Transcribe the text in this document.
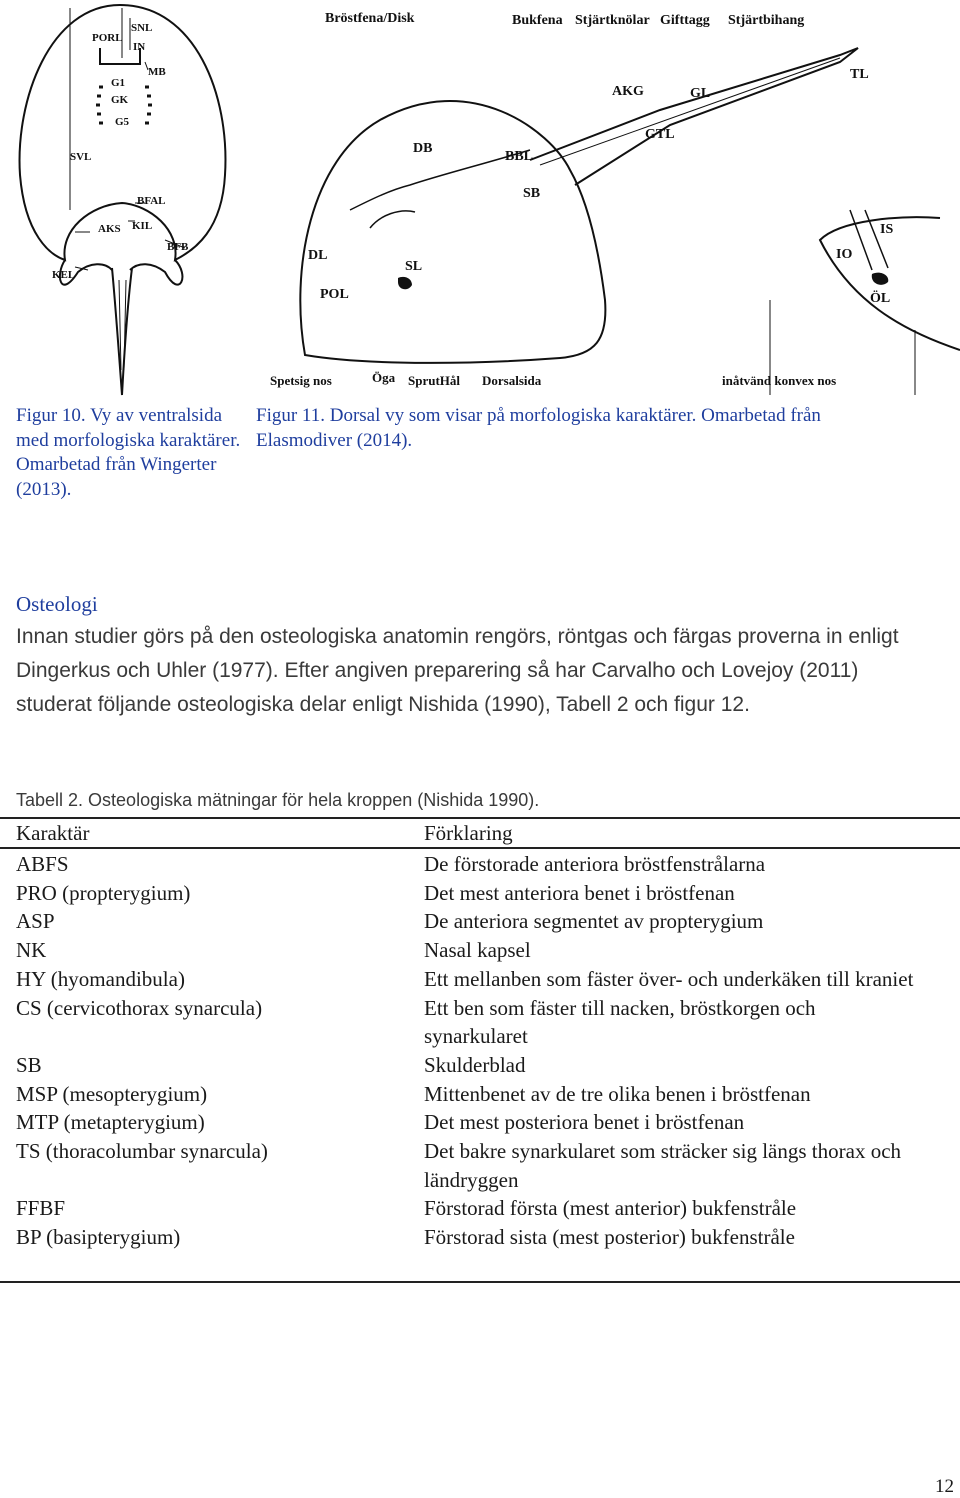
SNL
PORL
IN
MB
G1
GK
G5
SVL
BFAL
AKS KIL
BFB
KEL
Bröstfena/Disk	Bukfena Stjärtknölar Gifttagg Stjärtbihang
TL
AKG	GL
DB
BBL
GTL
SB
DL
SL
POL
IS
IO
ÖL
Spetsig nos	Öga SprutHål Dorsalsida	inåtvänd konvex nos
Figur 10. Vy av ventralsida med morfologiska karaktärer. Omarbetad från Wingerter (2013).
Figur 11. Dorsal vy som visar på morfologiska karaktärer. Omarbetad från Elasmodiver (2014).
Osteologi
Innan studier görs på den osteologiska anatomin rengörs, röntgas och färgas proverna in enligt
Dingerkus och Uhler (1977). Efter angiven preparering så har Carvalho och Lovejoy (2011)
studerat följande osteologiska delar enligt Nishida (1990), Tabell 2 och figur 12.
Tabell 2. Osteologiska mätningar för hela kroppen (Nishida 1990).
Karaktär	Förklaring
ABFS	De förstorade anteriora bröstfenstrålarna
PRO (propterygium)	Det mest anteriora benet i bröstfenan
ASP	De anteriora segmentet av propterygium
NK	Nasal kapsel
HY (hyomandibula)	Ett mellanben som fäster över- och underkäken till kraniet
CS (cervicothorax synarcula)	Ett ben som fäster till nacken, bröstkorgen och synarkularet
SB	Skulderblad
MSP (mesopterygium)	Mittenbenet av de tre olika benen i bröstfenan
MTP (metapterygium)	Det mest posteriora benet i bröstfenan
TS (thoracolumbar synarcula)	Det bakre synarkularet som sträcker sig längs thorax och ländryggen
FFBF	Förstorad första (mest anterior) bukfenstråle
BP (basipterygium)	Förstorad sista (mest posterior) bukfenstråle
12
